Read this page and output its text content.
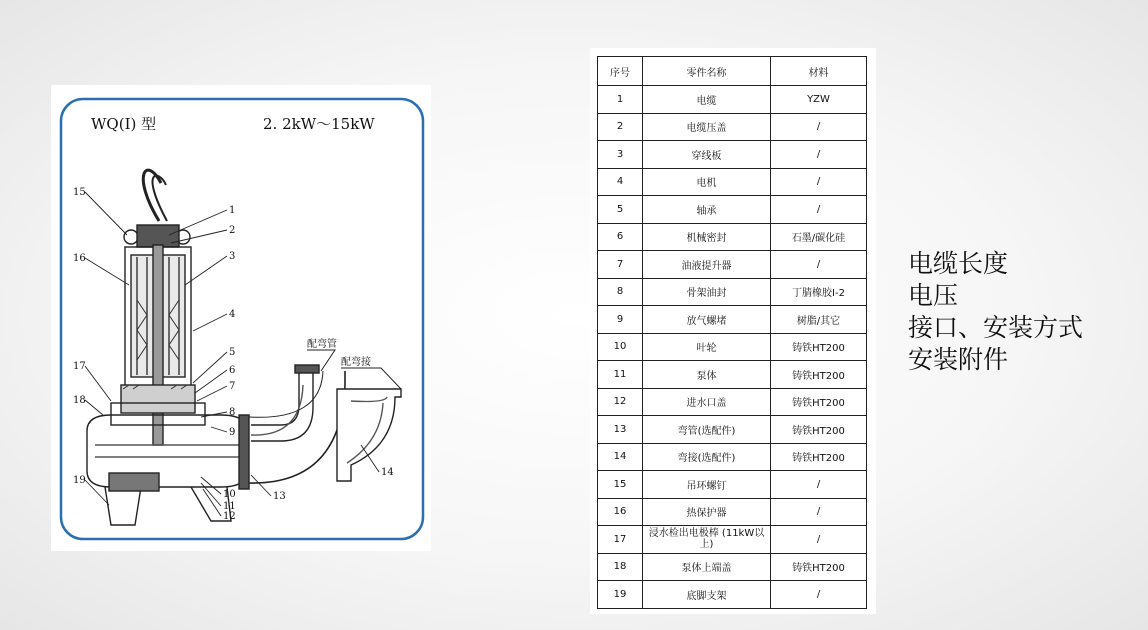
WQ(I) 型	2. 2kW～15kW
配弯管
配弯接
1
2
3
4
5
6
7
8
9
10
11
12
13
14
15
16
17
18
19
序号	零件名称	材料
1	电缆	YZW
2	电缆压盖	/
3	穿线板	/
4	电机	/
5	轴承	/
6	机械密封	石墨/碳化硅
7	油液提升器	/
8	骨架油封	丁腈橡胶I-2
9	放气螺堵	树脂/其它
10	叶轮	铸铁HT200
11	泵体	铸铁HT200
12	进水口盖	铸铁HT200
13	弯管(选配件)	铸铁HT200
14	弯接(选配件)	铸铁HT200
15	吊环螺钉	/
16	热保护器	/
17	浸水检出电极棒 (11kW以上)	/
18	泵体上端盖	铸铁HT200
19	底脚支架	/
电缆长度
电压
接口、安装方式
安装附件
